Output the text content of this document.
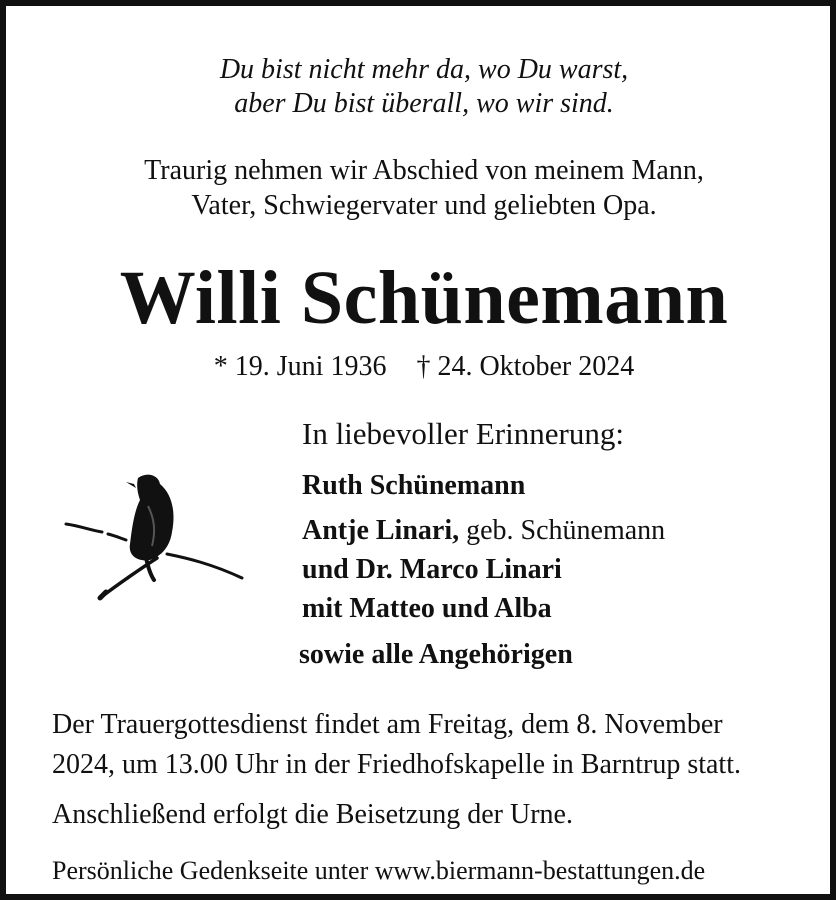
Du bist nicht mehr da, wo Du warst,
aber Du bist überall, wo wir sind.
Traurig nehmen wir Abschied von meinem Mann,
Vater, Schwiegervater und geliebten Opa.
Willi Schünemann
* 19. Juni 1936 † 24. Oktober 2024
In liebevoller Erinnerung:
Ruth Schünemann
Antje Linari, geb. Schünemann
und Dr. Marco Linari
mit Matteo und Alba
sowie alle Angehörigen
Der Trauergottesdienst findet am Freitag, dem 8. November
2024, um 13.00 Uhr in der Friedhofskapelle in Barntrup statt.
Anschließend erfolgt die Beisetzung der Urne.
Persönliche Gedenkseite unter www.biermann-bestattungen.de
